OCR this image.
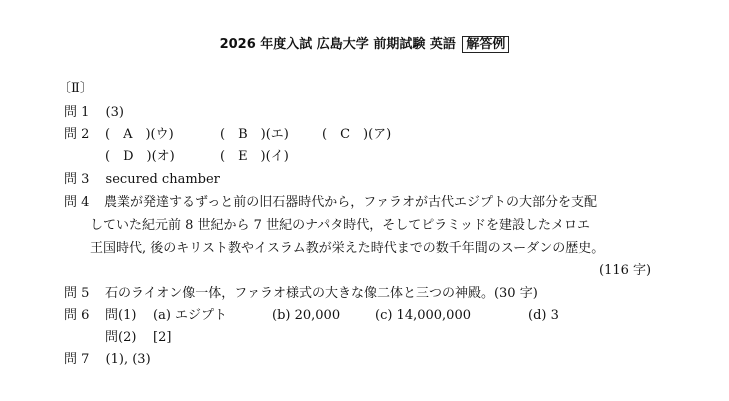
2026 年度入試 広島大学 前期試験 英語 解答例
〔Ⅱ〕
問 1 (3)
問 2 (　A　)(ウ)	(　B　)(エ)	(　C　)(ア)
(　D　)(オ)	(　E　)(イ)
問 3 secured chamber
問 4 農業が発達するずっと前の旧石器時代から，ファラオが古代エジプトの大部分を支配
していた紀元前 8 世紀から 7 世紀のナパタ時代，そしてピラミッドを建設したメロエ
王国時代, 後のキリスト教やイスラム教が栄えた時代までの数千年間のスーダンの歴史。
(116 字)
問 5 石のライオン像一体，ファラオ様式の大きな像二体と三つの神殿。(30 字)
問 6 問(1) (a) エジプト	(b) 20,000	(c) 14,000,000	(d) 3
問(2) [2]
問 7 (1), (3)
